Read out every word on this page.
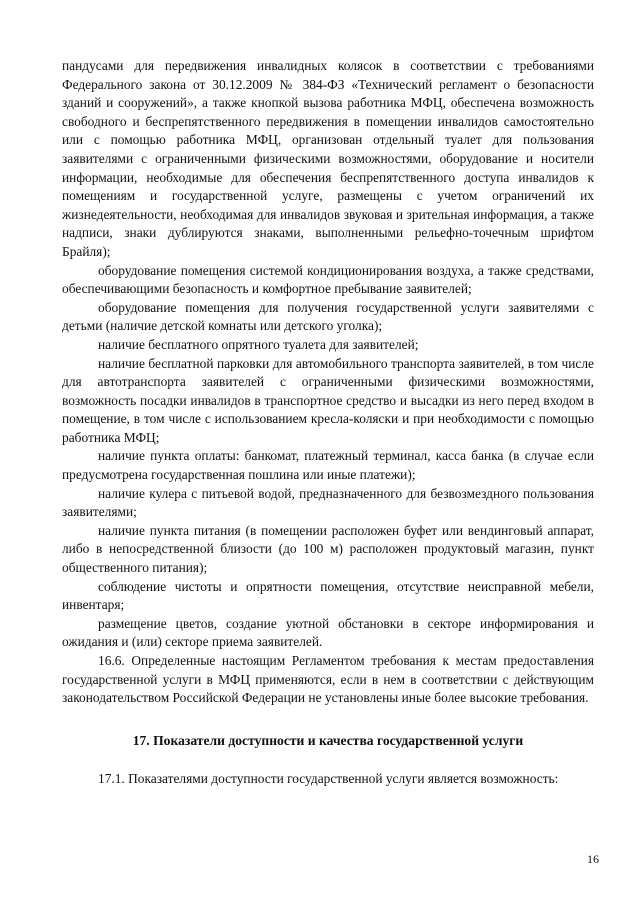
пандусами для передвижения инвалидных колясок в соответствии с требованиями Федерального закона от 30.12.2009 № 384-ФЗ «Технический регламент о безопасности зданий и сооружений», а также кнопкой вызова работника МФЦ, обеспечена возможность свободного и беспрепятственного передвижения в помещении инвалидов самостоятельно или с помощью работника МФЦ, организован отдельный туалет для пользования заявителями с ограниченными физическими возможностями, оборудование и носители информации, необходимые для обеспечения беспрепятственного доступа инвалидов к помещениям и государственной услуге, размещены с учетом ограничений их жизнедеятельности, необходимая для инвалидов звуковая и зрительная информация, а также надписи, знаки дублируются знаками, выполненными рельефно-точечным шрифтом Брайля);

оборудование помещения системой кондиционирования воздуха, а также средствами, обеспечивающими безопасность и комфортное пребывание заявителей;

оборудование помещения для получения государственной услуги заявителями с детьми (наличие детской комнаты или детского уголка);

наличие бесплатного опрятного туалета для заявителей;

наличие бесплатной парковки для автомобильного транспорта заявителей, в том числе для автотранспорта заявителей с ограниченными физическими возможностями, возможность посадки инвалидов в транспортное средство и высадки из него перед входом в помещение, в том числе с использованием кресла-коляски и при необходимости с помощью работника МФЦ;

наличие пункта оплаты: банкомат, платежный терминал, касса банка (в случае если предусмотрена государственная пошлина или иные платежи);

наличие кулера с питьевой водой, предназначенного для безвозмездного пользования заявителями;

наличие пункта питания (в помещении расположен буфет или вендинговый аппарат, либо в непосредственной близости (до 100 м) расположен продуктовый магазин, пункт общественного питания);

соблюдение чистоты и опрятности помещения, отсутствие неисправной мебели, инвентаря;

размещение цветов, создание уютной обстановки в секторе информирования и ожидания и (или) секторе приема заявителей.

16.6. Определенные настоящим Регламентом требования к местам предоставления государственной услуги в МФЦ применяются, если в нем в соответствии с действующим законодательством Российской Федерации не установлены иные более высокие требования.

17. Показатели доступности и качества государственной услуги

17.1. Показателями доступности государственной услуги является возможность:

16
